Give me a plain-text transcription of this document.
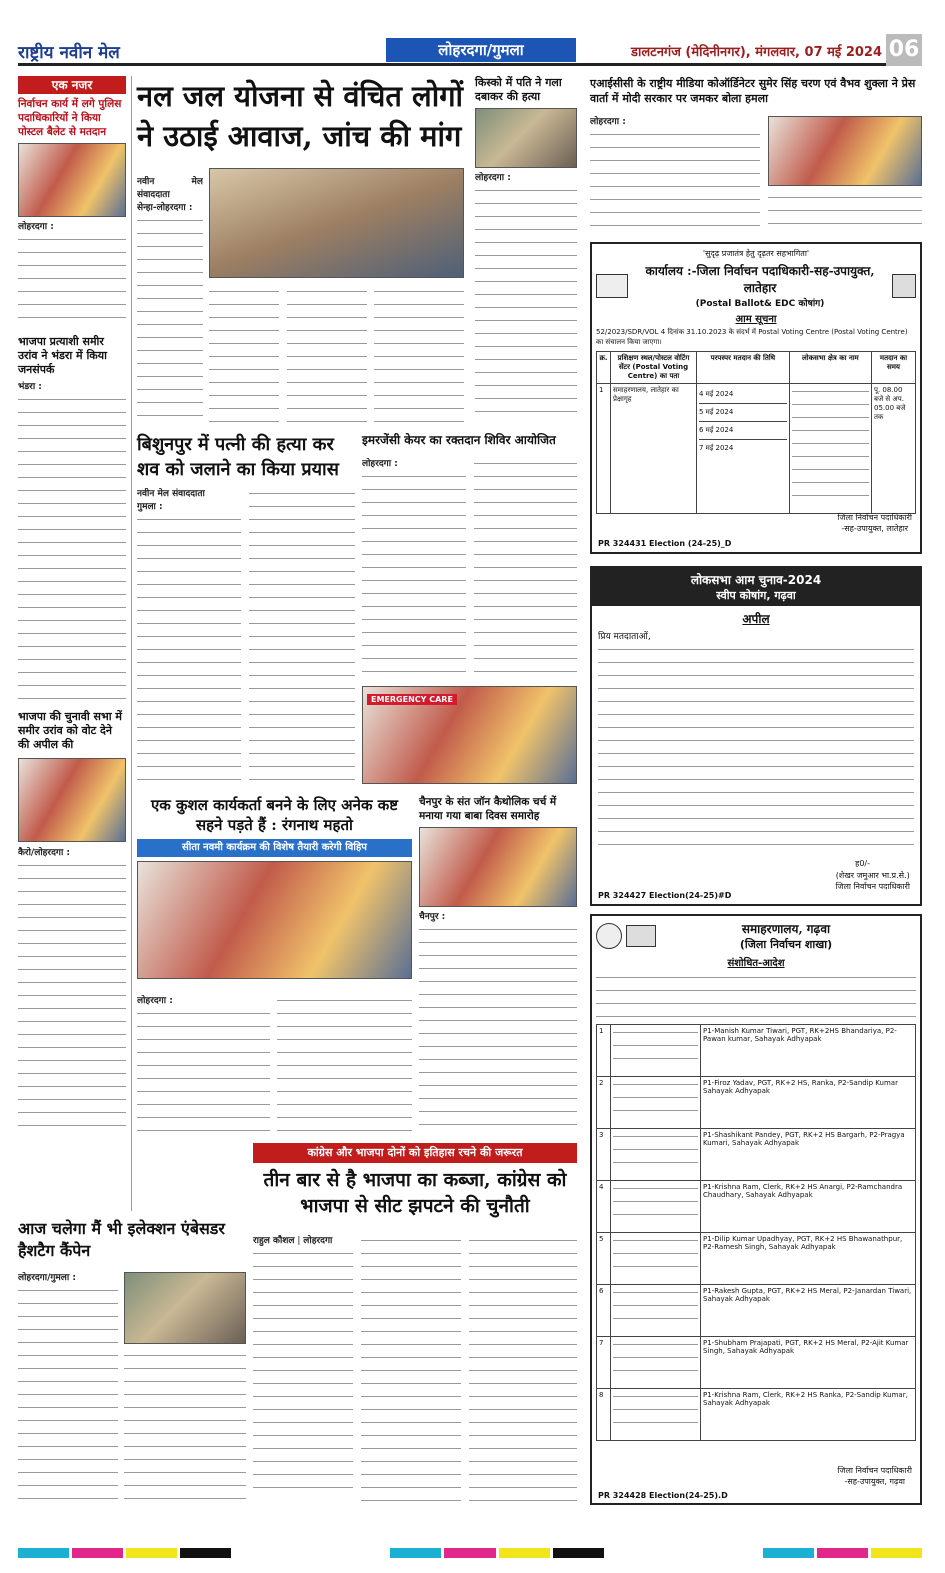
राष्ट्रीय नवीन मेल	लोहरदगा/गुमला	डालटनगंज (मेदिनीनगर), मंगलवार, 07 मई 2024 06
एक नजर
निर्वाचन कार्य में लगे पुलिस पदाधिकारियों ने किया पोस्टल बैलेट से मतदान
लोहरदगा :
भाजपा प्रत्याशी समीर उरांव ने भंडरा में किया जनसंपर्क
भंडरा :
भाजपा की चुनावी सभा में समीर उरांव को वोट देने की अपील की
कैरो/लोहरदगा :
नल जल योजना से वंचित लोगों ने उठाई आवाज, जांच की मांग
नवीन मेल संवाददाता
सेन्हा-लोहरदगा :
किस्को में पति ने गला दबाकर की हत्या
लोहरदगा :
एआईसीसी के राष्ट्रीय मीडिया कोऑर्डिनेटर सुमेर सिंह चरण एवं वैभव शुक्ला ने प्रेस वार्ता में मोदी सरकार पर जमकर बोला हमला
लोहरदगा :
'सुदृढ़ प्रजातंत्र हेतु दृढ़तर सहभागिता'
कार्यालय :-जिला निर्वाचन पदाधिकारी-सह-उपायुक्त, लातेहार
(Postal Ballot& EDC कोषांग)
आम सूचना
52/2023/SDR/VOL 4 दिनांक 31.10.2023 के संदर्भ में Postal Voting Centre (Postal Voting Centre) का संचालन किया जाएगा।
क्र.	प्रशिक्षण स्थल/पोस्टल वोटिंग सेंटर (Postal Voting Centre) का पता	परपस्पर मतदान की तिथि	लोकसभा क्षेत्र का नाम	मतदान का समय
1	समाहरणालय, लातेहार का प्रेक्षागृह	4 मई 2024
5 मई 2024
6 मई 2024
7 मई 2024		पू. 08.00 बजे से अप. 05.00 बजे तक
जिला निर्वाचन पदाधिकारी
-सह-उपायुक्त, लातेहार
PR 324431 Election (24-25)_D
बिशुनपुर में पत्नी की हत्या कर शव को जलाने का किया प्रयास
नवीन मेल संवाददाता
गुमला :
इमरजेंसी केयर का रक्तदान शिविर आयोजित
लोहरदगा :
EMERGENCY CARE
लोकसभा आम चुनाव-2024
स्वीप कोषांग, गढ़वा
अपील
प्रिय मतदाताओं,
ह0/-
(शेखर जमुआर भा.प्र.से.)
जिला निर्वाचन पदाधिकारी
PR 324427 Election(24-25)#D
एक कुशल कार्यकर्ता बनने के लिए अनेक कष्ट सहने पड़ते हैं : रंगनाथ महतो
सीता नवमी कार्यक्रम की विशेष तैयारी करेगी विहिप
लोहरदगा :
चैनपुर के संत जॉन कैथोलिक चर्च में मनाया गया बाबा दिवस समारोह
चैनपुर :
आज चलेगा मैं भी इलेक्शन एंबेसडर हैशटैग कैंपेन
लोहरदगा/गुमला :
कांग्रेस और भाजपा दोनों को इतिहास रचने की जरूरत
तीन बार से है भाजपा का कब्जा, कांग्रेस को भाजपा से सीट झपटने की चुनौती
राहुल कौशल | लोहरदगा
समाहरणालय, गढ़वा
(जिला निर्वाचन शाखा)
संशोधित-आदेश
1		P1-Manish Kumar Tiwari, PGT, RK+2HS Bhandariya, P2-Pawan kumar, Sahayak Adhyapak
2		P1-Firoz Yadav, PGT, RK+2 HS, Ranka, P2-Sandip Kumar Sahayak Adhyapak
3		P1-Shashikant Pandey, PGT, RK+2 HS Bargarh, P2-Pragya Kumari, Sahayak Adhyapak
4		P1-Krishna Ram, Clerk, RK+2 HS Anargi, P2-Ramchandra Chaudhary, Sahayak Adhyapak
5		P1-Dilip Kumar Upadhyay, PGT, RK+2 HS Bhawanathpur, P2-Ramesh Singh, Sahayak Adhyapak
6		P1-Rakesh Gupta, PGT, RK+2 HS Meral, P2-Janardan Tiwari, Sahayak Adhyapak
7		P1-Shubham Prajapati, PGT, RK+2 HS Meral, P2-Ajit Kumar Singh, Sahayak Adhyapak
8		P1-Krishna Ram, Clerk, RK+2 HS Ranka, P2-Sandip Kumar, Sahayak Adhyapak
जिला निर्वाचन पदाधिकारी
-सह-उपायुक्त, गढ़वा
PR 324428 Election(24-25).D
